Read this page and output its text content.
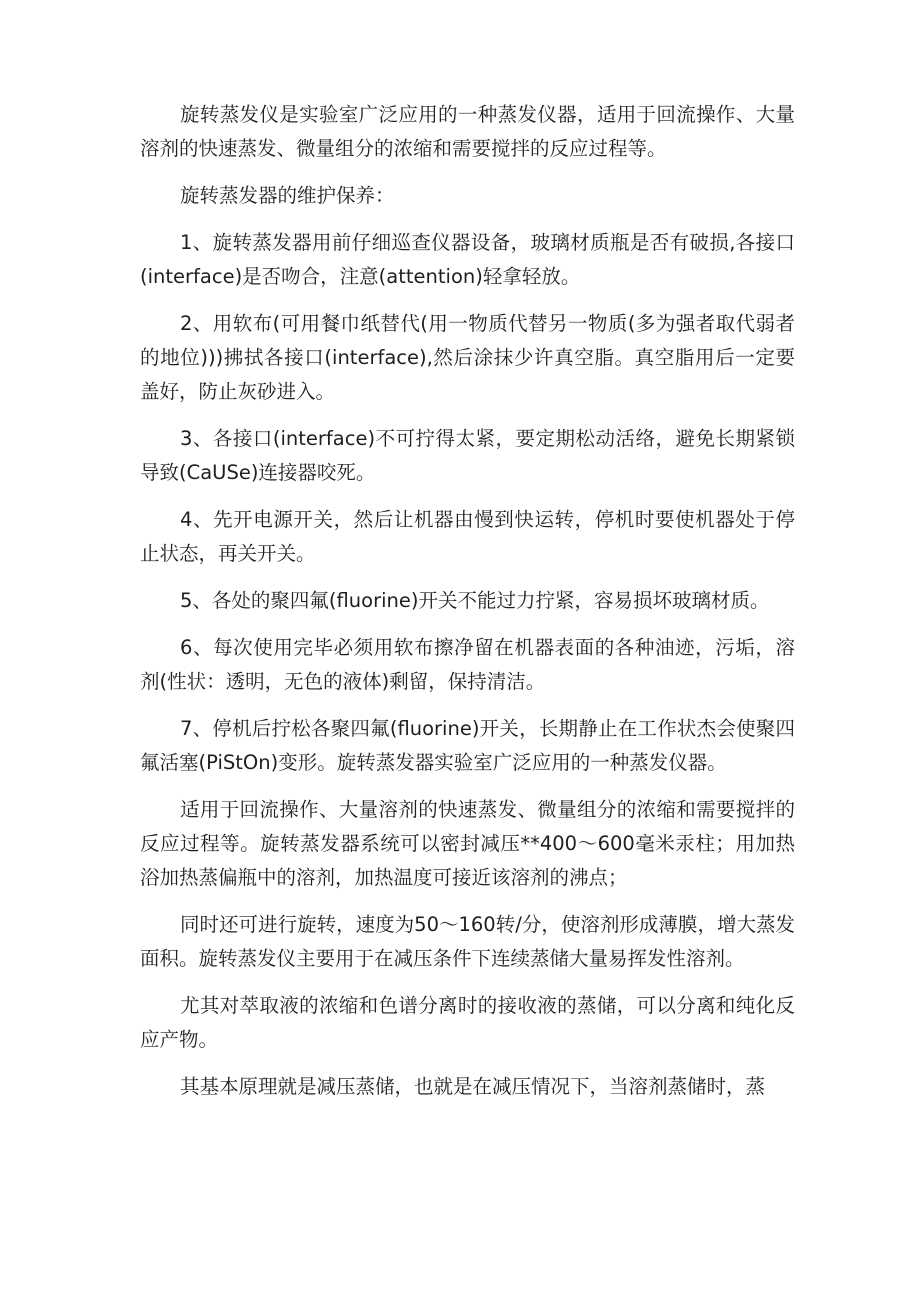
旋转蒸发仪是实验室广泛应用的一种蒸发仪器，适用于回流操作、大量溶剂的快速蒸发、微量组分的浓缩和需要搅拌的反应过程等。

旋转蒸发器的维护保养：

1、旋转蒸发器用前仔细巡查仪器设备，玻璃材质瓶是否有破损,各接口(interface)是否吻合，注意(attention)轻拿轻放。

2、用软布(可用餐巾纸替代(用一物质代替另一物质(多为强者取代弱者的地位)))拂拭各接口(interface),然后涂抹少许真空脂。真空脂用后一定要盖好，防止灰砂进入。

3、各接口(interface)不可拧得太紧，要定期松动活络，避免长期紧锁导致(CaUSe)连接器咬死。

4、先开电源开关，然后让机器由慢到快运转，停机时要使机器处于停止状态，再关开关。

5、各处的聚四氟(fluorine)开关不能过力拧紧，容易损坏玻璃材质。

6、每次使用完毕必须用软布擦净留在机器表面的各种油迹，污垢，溶剂(性状：透明，无色的液体)剩留，保持清洁。

7、停机后拧松各聚四氟(fluorine)开关，长期静止在工作状杰会使聚四氟活塞(PiStOn)变形。旋转蒸发器实验室广泛应用的一种蒸发仪器。

适用于回流操作、大量溶剂的快速蒸发、微量组分的浓缩和需要搅拌的反应过程等。旋转蒸发器系统可以密封减压**400～600毫米汞柱；用加热浴加热蒸偏瓶中的溶剂，加热温度可接近该溶剂的沸点；

同时还可进行旋转，速度为50～160转/分，使溶剂形成薄膜，增大蒸发面积。旋转蒸发仪主要用于在减压条件下连续蒸储大量易挥发性溶剂。

尤其对萃取液的浓缩和色谱分离时的接收液的蒸储，可以分离和纯化反应产物。

其基本原理就是减压蒸储，也就是在减压情况下，当溶剂蒸储时，蒸
